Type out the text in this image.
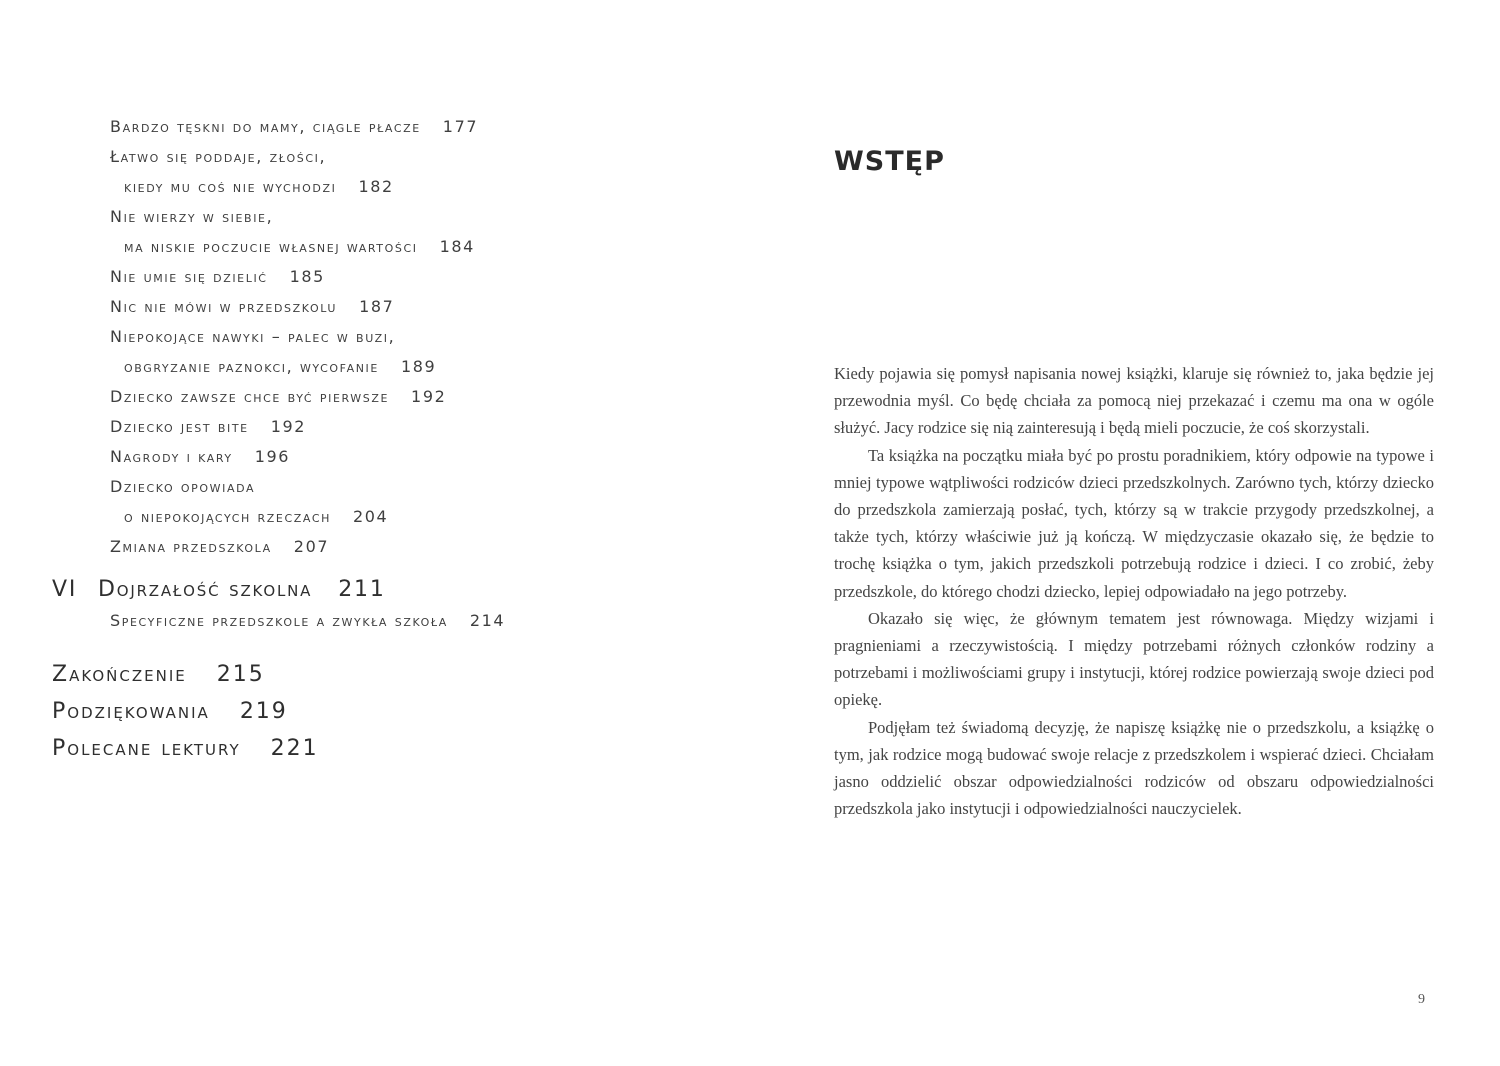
Bardzo tęskni do mamy, ciągle płacze 177
Łatwo się poddaje, złości,
kiedy mu coś nie wychodzi 182
Nie wierzy w siebie,
ma niskie poczucie własnej wartości 184
Nie umie się dzielić 185
Nic nie mówi w przedszkolu 187
Niepokojące nawyki – palec w buzi,
obgryzanie paznokci, wycofanie 189
Dziecko zawsze chce być pierwsze 192
Dziecko jest bite 192
Nagrody i kary 196
Dziecko opowiada
o niepokojących rzeczach 204
Zmiana przedszkola 207
VI Dojrzałość szkolna 211
Specyficzne przedszkole a zwykła szkoła 214
Zakończenie 215
Podziękowania 219
Polecane lektury 221
WSTĘP

Kiedy pojawia się pomysł napisania nowej książki, klaruje się również to, jaka będzie jej przewodnia myśl. Co będę chciała za pomocą niej przekazać i czemu ma ona w ogóle służyć. Jacy rodzice się nią zainteresują i będą mieli poczucie, że coś skorzystali.

Ta książka na początku miała być po prostu poradnikiem, który odpowie na typowe i mniej typowe wątpliwości rodziców dzieci przedszkolnych. Zarówno tych, którzy dziecko do przedszkola zamierzają posłać, tych, którzy są w trakcie przygody przedszkolnej, a także tych, którzy właściwie już ją kończą. W międzyczasie okazało się, że będzie to trochę książka o tym, jakich przedszkoli potrzebują rodzice i dzieci. I co zrobić, żeby przedszkole, do którego chodzi dziecko, lepiej odpowiadało na jego potrzeby.

Okazało się więc, że głównym tematem jest równowaga. Między wizjami i pragnieniami a rzeczywistością. I między potrzebami różnych członków rodziny a potrzebami i możliwościami grupy i instytucji, której rodzice powierzają swoje dzieci pod opiekę.

Podjęłam też świadomą decyzję, że napiszę książkę nie o przedszkolu, a książkę o tym, jak rodzice mogą budować swoje relacje z przedszkolem i wspierać dzieci. Chciałam jasno oddzielić obszar odpowiedzialności rodziców od obszaru odpowiedzialności przedszkola jako instytucji i odpowiedzialności nauczycielek.

9
